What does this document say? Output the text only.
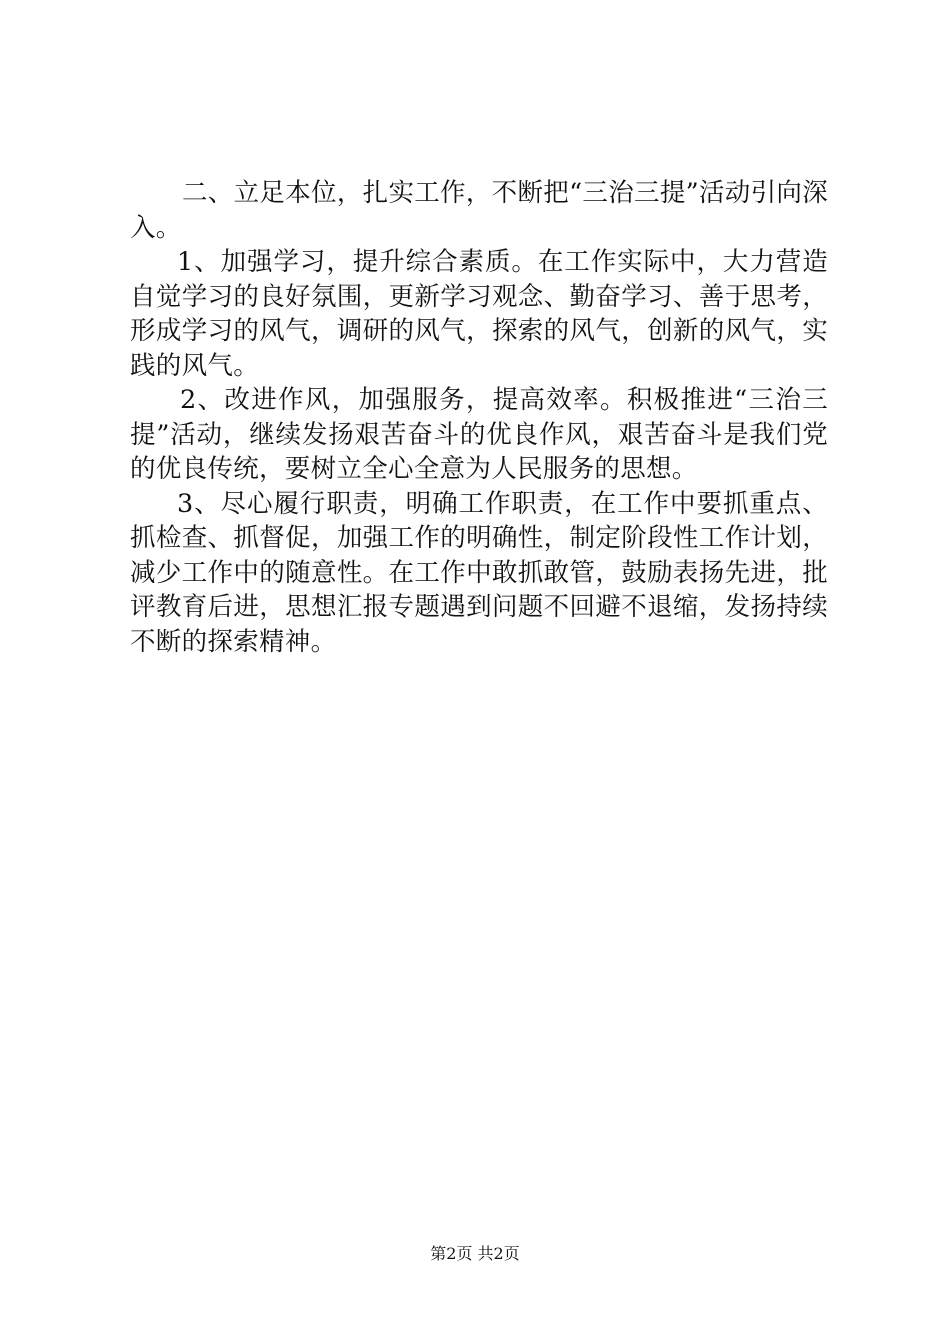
二、立足本位，扎实工作，不断把“三治三提”活动引向深入。

1、加强学习，提升综合素质。在工作实际中，大力营造自觉学习的良好氛围，更新学习观念、勤奋学习、善于思考，形成学习的风气，调研的风气，探索的风气，创新的风气，实践的风气。

2、改进作风，加强服务，提高效率。积极推进“三治三提”活动，继续发扬艰苦奋斗的优良作风，艰苦奋斗是我们党的优良传统，要树立全心全意为人民服务的思想。

3、尽心履行职责，明确工作职责，在工作中要抓重点、抓检查、抓督促，加强工作的明确性，制定阶段性工作计划，减少工作中的随意性。在工作中敢抓敢管，鼓励表扬先进，批评教育后进，思想汇报专题遇到问题不回避不退缩，发扬持续不断的探索精神。

第2页 共2页
